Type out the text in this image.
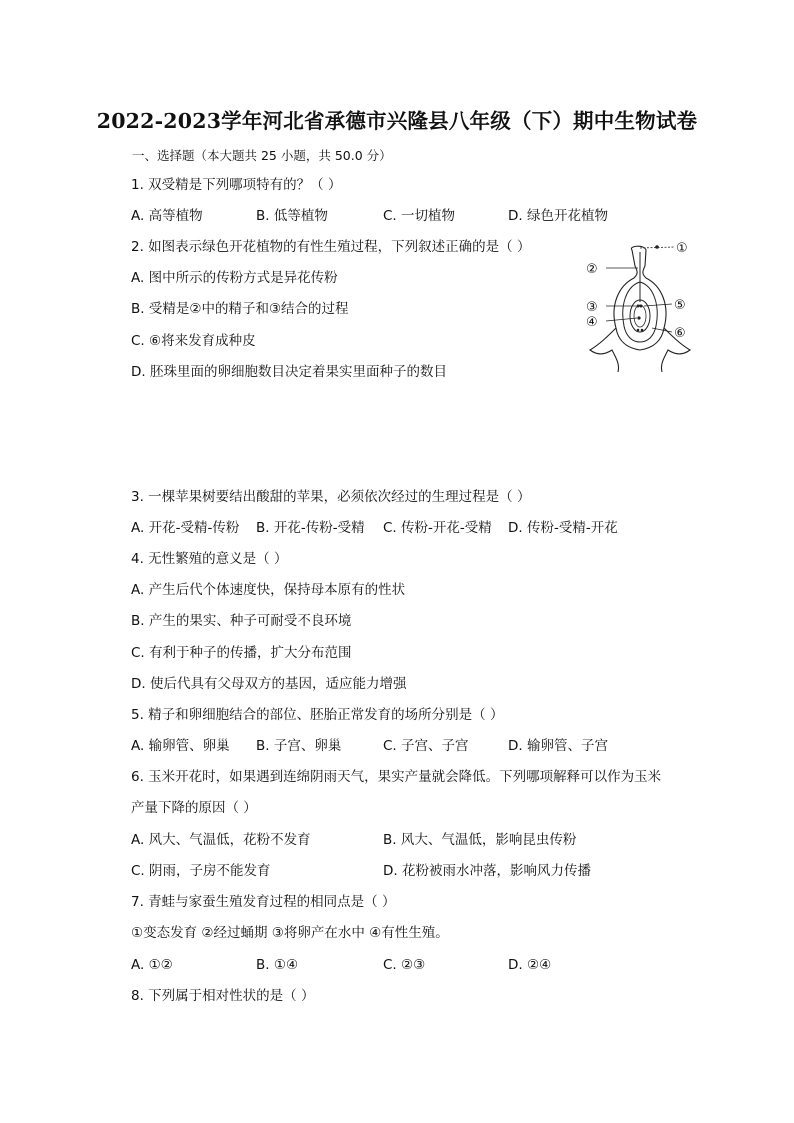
2022-2023学年河北省承德市兴隆县八年级（下）期中生物试卷
一、选择题（本大题共 25 小题，共 50.0 分）
1. 双受精是下列哪项特有的？（ ）
A. 高等植物	B. 低等植物	C. 一切植物	D. 绿色开花植物
2. 如图表示绿色开花植物的有性生殖过程，下列叙述正确的是（ ）
A. 图中所示的传粉方式是异花传粉
B. 受精是②中的精子和③结合的过程
C. ⑥将来发育成种皮
D. 胚珠里面的卵细胞数目决定着果实里面种子的数目
①
②
③
④
⑤
⑥
3. 一棵苹果树要结出酸甜的苹果，必须依次经过的生理过程是（ ）
A. 开花-受精-传粉 B. 开花-传粉-受精 C. 传粉-开花-受精 D. 传粉-受精-开花
4. 无性繁殖的意义是（ ）
A. 产生后代个体速度快，保持母本原有的性状
B. 产生的果实、种子可耐受不良环境
C. 有利于种子的传播，扩大分布范围
D. 使后代具有父母双方的基因，适应能力增强
5. 精子和卵细胞结合的部位、胚胎正常发育的场所分别是（ ）
A. 输卵管、卵巢 B. 子宫、卵巢	C. 子宫、子宫	D. 输卵管、子宫
6. 玉米开花时，如果遇到连绵阴雨天气，果实产量就会降低。下列哪项解释可以作为玉米
产量下降的原因（ ）
A. 风大、气温低，花粉不发育	B. 风大、气温低，影响昆虫传粉
C. 阴雨，子房不能发育	D. 花粉被雨水冲落，影响风力传播
7. 青蛙与家蚕生殖发育过程的相同点是（ ）
①变态发育 ②经过蛹期 ③将卵产在水中 ④有性生殖。
A. ①②	B. ①④	C. ②③	D. ②④
8. 下列属于相对性状的是（ ）
